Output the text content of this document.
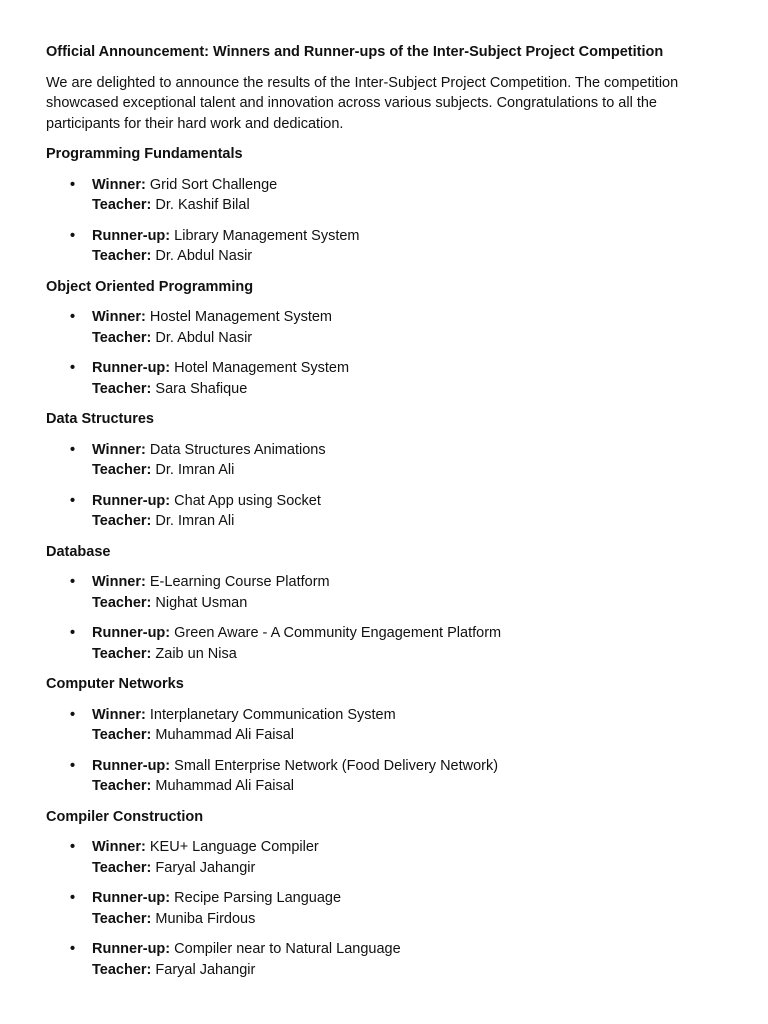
Official Announcement: Winners and Runner-ups of the Inter-Subject Project Competition
We are delighted to announce the results of the Inter-Subject Project Competition. The competition showcased exceptional talent and innovation across various subjects. Congratulations to all the participants for their hard work and dedication.
Programming Fundamentals
• Winner: Grid Sort Challenge
Teacher: Dr. Kashif Bilal
• Runner-up: Library Management System
Teacher: Dr. Abdul Nasir
Object Oriented Programming
• Winner: Hostel Management System
Teacher: Dr. Abdul Nasir
• Runner-up: Hotel Management System
Teacher: Sara Shafique
Data Structures
• Winner: Data Structures Animations
Teacher: Dr. Imran Ali
• Runner-up: Chat App using Socket
Teacher: Dr. Imran Ali
Database
• Winner: E-Learning Course Platform
Teacher: Nighat Usman
• Runner-up: Green Aware - A Community Engagement Platform
Teacher: Zaib un Nisa
Computer Networks
• Winner: Interplanetary Communication System
Teacher: Muhammad Ali Faisal
• Runner-up: Small Enterprise Network (Food Delivery Network)
Teacher: Muhammad Ali Faisal
Compiler Construction
• Winner: KEU+ Language Compiler
Teacher: Faryal Jahangir
• Runner-up: Recipe Parsing Language
Teacher: Muniba Firdous
• Runner-up: Compiler near to Natural Language
Teacher: Faryal Jahangir
